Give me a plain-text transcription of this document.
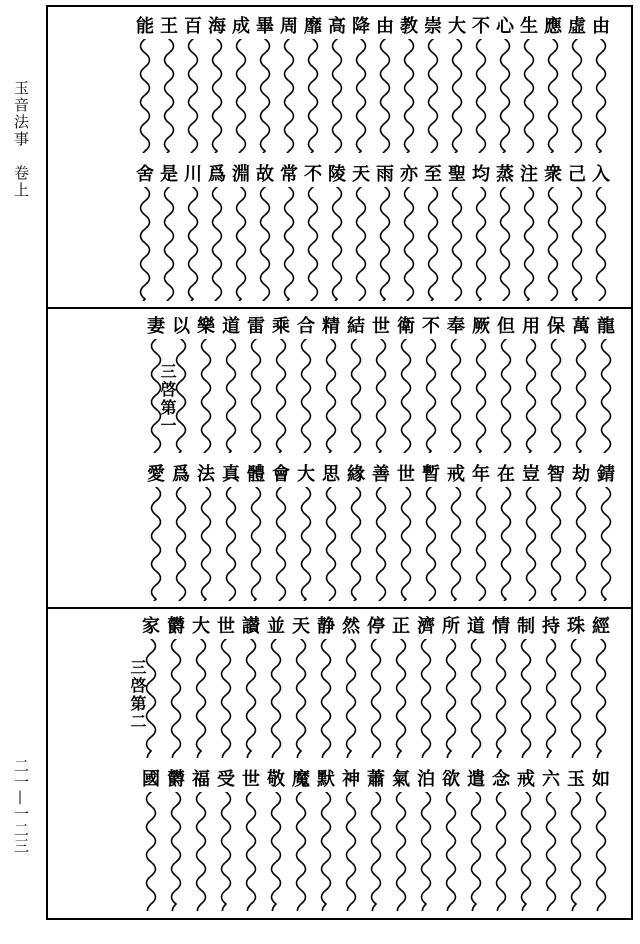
玉音法事　卷上
二一—一二三
三啓第一
三啓第二
由
入
虛
己
應
衆
生
注
心
蒸
不
均
大
聖
崇
至
教
亦
由
雨
降
天
高
陵
靡
不
周
常
畢
故
成
淵
海
爲
百
川
王
是
能
舍
龍
錆
萬
劫
保
智
用
豈
但
在
厥
年
奉
戒
不
暫
衛
世
世
善
結
緣
精
思
合
大
乘
會
雷
體
道
真
樂
法
以
爲
妻
愛
經
如
珠
玉
持
六
制
戒
情
念
道
遣
所
欲
濟
泊
正
氣
停
蕭
然
神
静
默
天
魔
並
敬
讃
世
世
受
大
福
欝
欝
家
國
